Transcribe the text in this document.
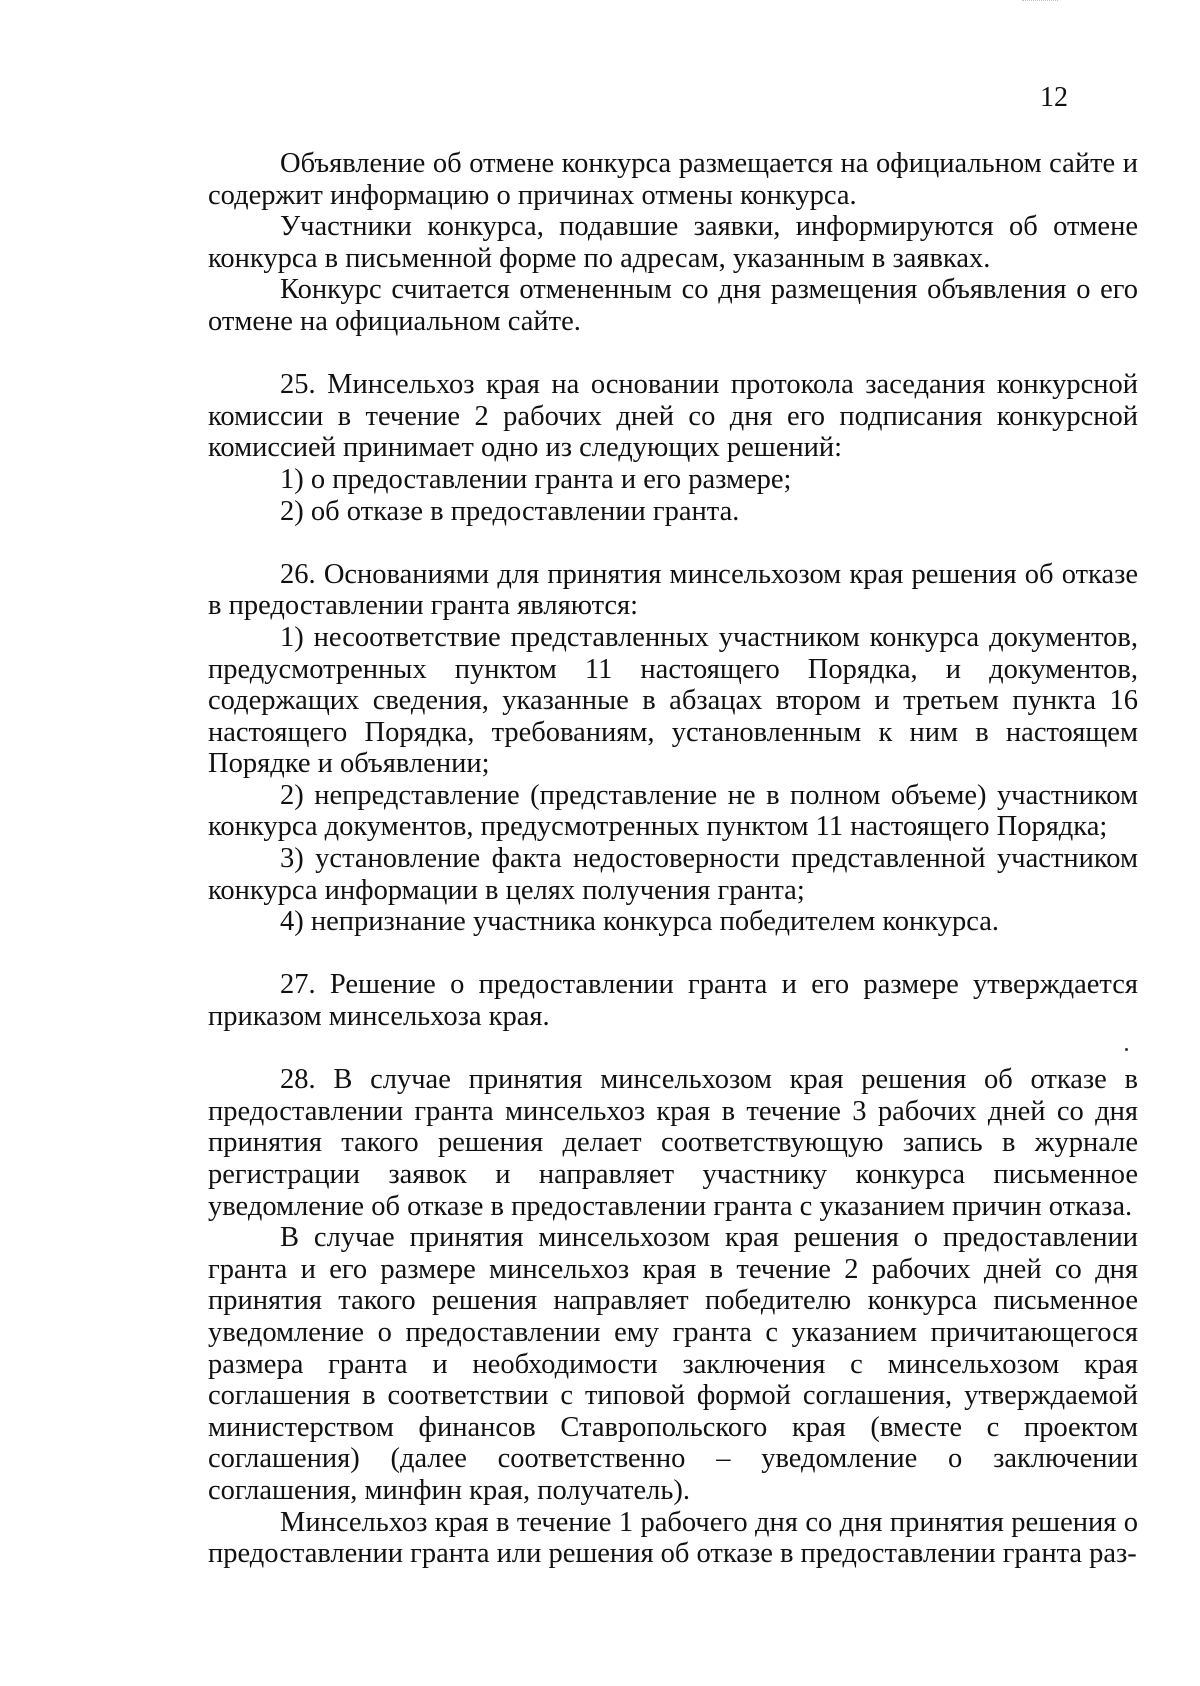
12

Объявление об отмене конкурса размещается на официальном сайте и содержит информацию о причинах отмены конкурса.

Участники конкурса, подавшие заявки, информируются об отмене конкурса в письменной форме по адресам, указанным в заявках.

Конкурс считается отмененным со дня размещения объявления о его отмене на официальном сайте.

25. Минсельхоз края на основании протокола заседания конкурсной комиссии в течение 2 рабочих дней со дня его подписания конкурсной комиссией принимает одно из следующих решений:

1) о предоставлении гранта и его размере;

2) об отказе в предоставлении гранта.

26. Основаниями для принятия минсельхозом края решения об отказе в предоставлении гранта являются:

1) несоответствие представленных участником конкурса документов, предусмотренных пунктом 11 настоящего Порядка, и документов, содержащих сведения, указанные в абзацах втором и третьем пункта 16 настоящего Порядка, требованиям, установленным к ним в настоящем Порядке и объявлении;

2) непредставление (представление не в полном объеме) участником конкурса документов, предусмотренных пунктом 11 настоящего Порядка;

3) установление факта недостоверности представленной участником конкурса информации в целях получения гранта;

4) непризнание участника конкурса победителем конкурса.

27. Решение о предоставлении гранта и его размере утверждается приказом минсельхоза края.

28. В случае принятия минсельхозом края решения об отказе в предоставлении гранта минсельхоз края в течение 3 рабочих дней со дня принятия такого решения делает соответствующую запись в журнале регистрации заявок и направляет участнику конкурса письменное уведомление об отказе в предоставлении гранта с указанием причин отказа.

В случае принятия минсельхозом края решения о предоставлении гранта и его размере минсельхоз края в течение 2 рабочих дней со дня принятия такого решения направляет победителю конкурса письменное уведомление о предоставлении ему гранта с указанием причитающегося размера гранта и необходимости заключения с минсельхозом края соглашения в соответствии с типовой формой соглашения, утверждаемой министерством финансов Ставропольского края (вместе с проектом соглашения) (далее соответственно – уведомление о заключении соглашения, минфин края, получатель).

Минсельхоз края в течение 1 рабочего дня со дня принятия решения о предоставлении гранта или решения об отказе в предоставлении гранта раз-
